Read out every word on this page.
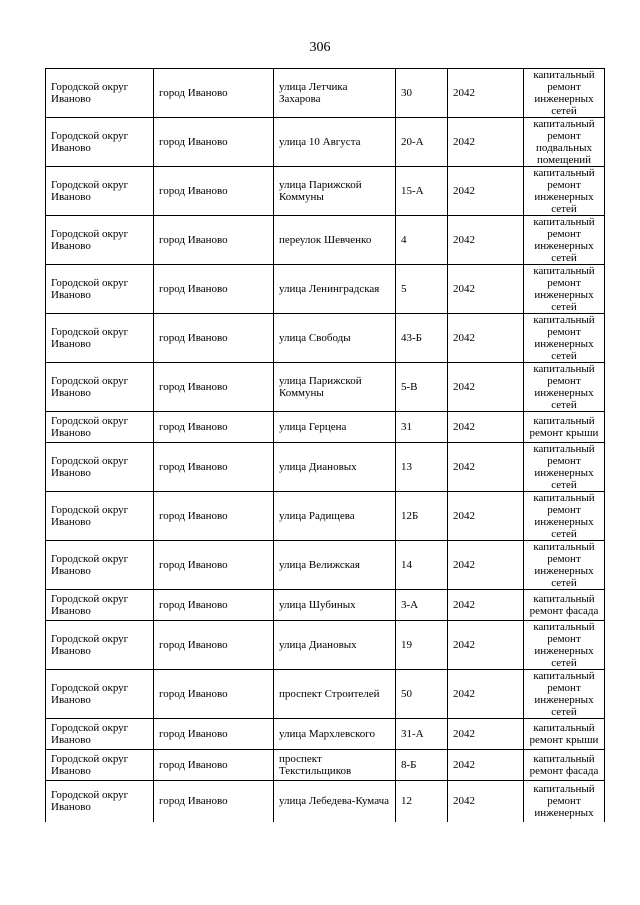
306
Городской округ Иваново	город Иваново	улица Летчика Захарова	30	2042	капитальный ремонт инженерных сетей
Городской округ Иваново	город Иваново	улица 10 Августа	20-А	2042	капитальный ремонт подвальных помещений
Городской округ Иваново	город Иваново	улица Парижской Коммуны	15-А	2042	капитальный ремонт инженерных сетей
Городской округ Иваново	город Иваново	переулок Шевченко	4	2042	капитальный ремонт инженерных сетей
Городской округ Иваново	город Иваново	улица Ленинградская	5	2042	капитальный ремонт инженерных сетей
Городской округ Иваново	город Иваново	улица Свободы	43-Б	2042	капитальный ремонт инженерных сетей
Городской округ Иваново	город Иваново	улица Парижской Коммуны	5-В	2042	капитальный ремонт инженерных сетей
Городской округ Иваново	город Иваново	улица Герцена	31	2042	капитальный ремонт крыши
Городской округ Иваново	город Иваново	улица Диановых	13	2042	капитальный ремонт инженерных сетей
Городской округ Иваново	город Иваново	улица Радищева	12Б	2042	капитальный ремонт инженерных сетей
Городской округ Иваново	город Иваново	улица Велижская	14	2042	капитальный ремонт инженерных сетей
Городской округ Иваново	город Иваново	улица Шубиных	3-А	2042	капитальный ремонт фасада
Городской округ Иваново	город Иваново	улица Диановых	19	2042	капитальный ремонт инженерных сетей
Городской округ Иваново	город Иваново	проспект Строителей	50	2042	капитальный ремонт инженерных сетей
Городской округ Иваново	город Иваново	улица Мархлевского	31-А	2042	капитальный ремонт крыши
Городской округ Иваново	город Иваново	проспект Текстильщиков	8-Б	2042	капитальный ремонт фасада
Городской округ Иваново	город Иваново	улица Лебедева-Кумача	12	2042	капитальный ремонт инженерных
